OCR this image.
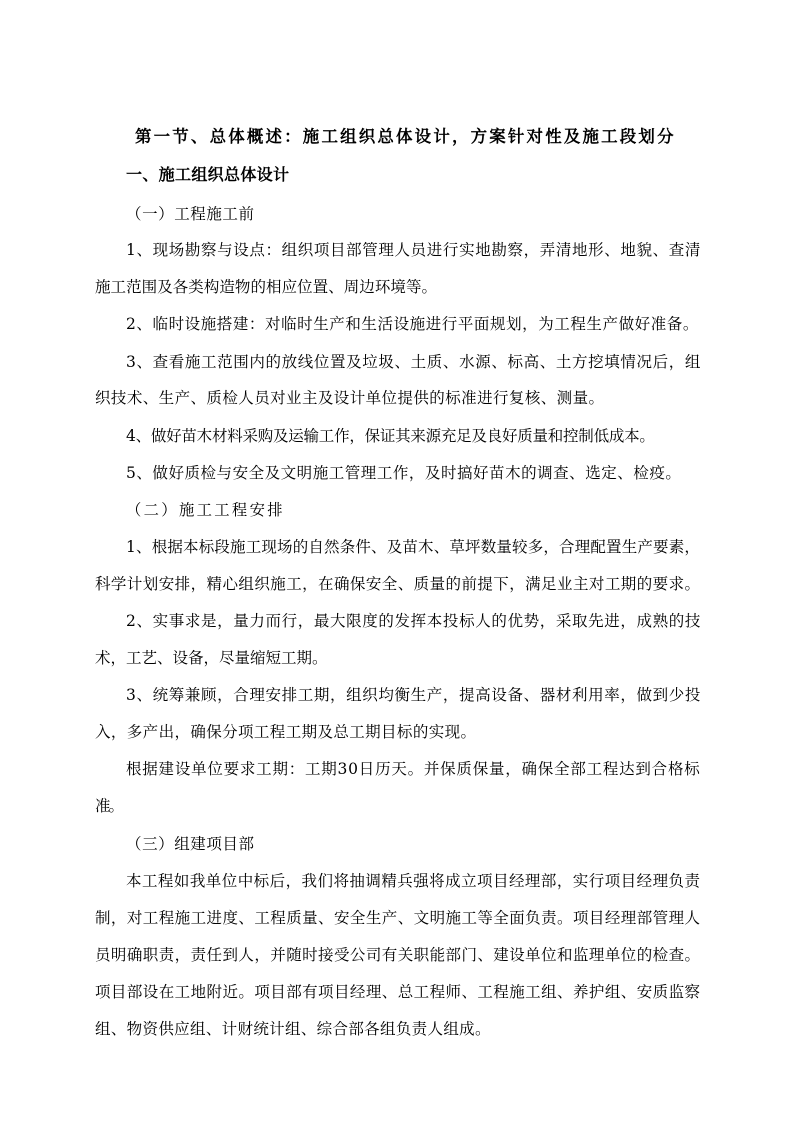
第一节、总体概述：施工组织总体设计，方案针对性及施工段划分
一、施工组织总体设计
（一）工程施工前
1、现场勘察与设点：组织项目部管理人员进行实地勘察，弄清地形、地貌、查清
施工范围及各类构造物的相应位置、周边环境等。
2、临时设施搭建：对临时生产和生活设施进行平面规划，为工程生产做好准备。
3、查看施工范围内的放线位置及垃圾、土质、水源、标高、土方挖填情况后，组
织技术、生产、质检人员对业主及设计单位提供的标准进行复核、测量。
4、做好苗木材料采购及运输工作，保证其来源充足及良好质量和控制低成本。
5、做好质检与安全及文明施工管理工作，及时搞好苗木的调查、选定、检疫。
（二）施工工程安排
1、根据本标段施工现场的自然条件、及苗木、草坪数量较多，合理配置生产要素，
科学计划安排，精心组织施工，在确保安全、质量的前提下，满足业主对工期的要求。
2、实事求是，量力而行，最大限度的发挥本投标人的优势，采取先进，成熟的技
术，工艺、设备，尽量缩短工期。
3、统筹兼顾，合理安排工期，组织均衡生产，提高设备、器材利用率，做到少投
入，多产出，确保分项工程工期及总工期目标的实现。
根据建设单位要求工期：工期30日历天。并保质保量，确保全部工程达到合格标
准。
（三）组建项目部
本工程如我单位中标后，我们将抽调精兵强将成立项目经理部，实行项目经理负责
制，对工程施工进度、工程质量、安全生产、文明施工等全面负责。项目经理部管理人
员明确职责，责任到人，并随时接受公司有关职能部门、建设单位和监理单位的检查。
项目部设在工地附近。项目部有项目经理、总工程师、工程施工组、养护组、安质监察
组、物资供应组、计财统计组、综合部各组负责人组成。
